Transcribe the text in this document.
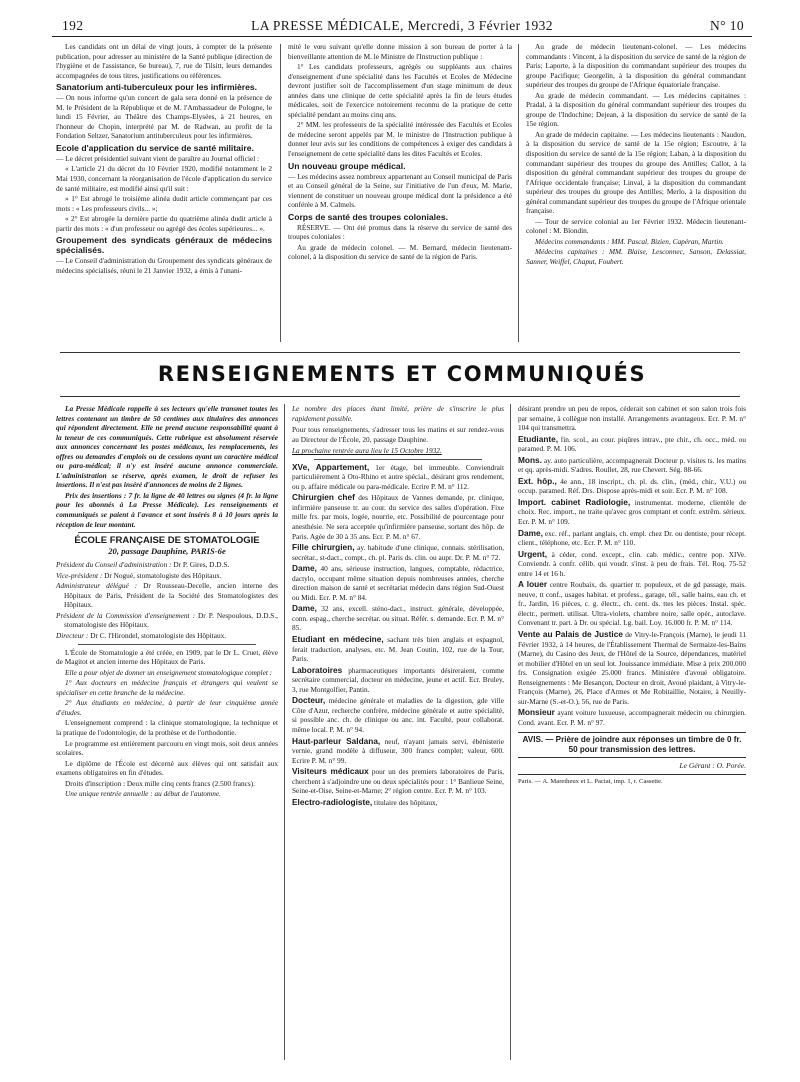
192	LA PRESSE MÉDICALE, Mercredi, 3 Février 1932	N° 10

Les candidats ont un délai de vingt jours, à compter de la présente publication, pour adresser au ministère de la Santé publique (direction de l'hygiène et de l'assistance, 6e bureau), 7, rue de Tilsitt, leurs demandes accompagnées de tous titres, justifications ou références.

Sanatorium anti-tuberculeux pour les infirmières.

— On nous informe qu'un concert de gala sera donné en la présence de M. le Président de la République et de M. l'Ambassadeur de Pologne, le lundi 15 Février, au Théâtre des Champs-Elysées, à 21 heures, en l'honneur de Chopin, interprété par M. de Radwan, au profit de la Fondation Seltzer, Sanatorium antituberculeux pour les infirmières.

Ecole d'application du service de santé militaire.

— Le décret présidentiel suivant vient de paraître au Journal officiel :

« L'article 21 du décret du 10 Février 1920, modifié notamment le 2 Mai 1930, concernant la réorganisation de l'école d'application du service de santé militaire, est modifié ainsi qu'il suit :

» 1° Est abrogé le troisième alinéa dudit article commençant par ces mots : « Les professeurs civils... »;

« 2° Est abrogée la dernière partie du quatrième alinéa dudit article à partir des mots : « d'un professeur ou agrégé des écoles supérieures... ».

Groupement des syndicats généraux de médecins spécialisés.

— Le Conseil d'administration du Groupement des syndicats généraux de médecins spécialisés, réuni le 21 Janvier 1932, a émis à l'unani-

mité le vœu suivant qu'elle donne mission à son bureau de porter à la bienveillante attention de M. le Ministre de l'Instruction publique :

1° Les candidats professeurs, agrégés ou suppléants aux chaires d'enseignement d'une spécialité dans les Facultés et Ecoles de Médecine devront justifier soit de l'accomplissement d'un stage minimum de deux années dans une clinique de cette spécialité après la fin de leurs études médicales, soit de l'exercice notoirement reconnu de la pratique de cette spécialité pendant au moins cinq ans.

2° MM. les professeurs de la spécialité intéressée des Facultés et Ecoles de médecine seront appelés par M. le ministre de l'Instruction publique à donner leur avis sur les conditions de compétences à exiger des candidats à l'enseignement de cette spécialité dans les dites Facultés et Ecoles.

Un nouveau groupe médical.

— Les médecins assez nombreux appartenant au Conseil municipal de Paris et au Conseil général de la Seine, sur l'initiative de l'un d'eux, M. Marie, viennent de constituer un nouveau groupe médical dont la présidence a été conférée à M. Calmels.

Corps de santé des troupes coloniales.

RÉSERVE. — Ont été promus dans la réserve du service de santé des troupes coloniales :

Au grade de médecin colonel. — M. Bernard, médecin lieutenant-colonel, à la disposition du service de santé de la région de Paris.

Au grade de médecin lieutenant-colonel. — Les médecins commandants : Vincent, à la disposition du service de santé de la région de Paris; Laporte, à la disposition du commandant supérieur des troupes du groupe Pacifique; Georgelin, à la disposition du général commandant supérieur des troupes du groupe de l'Afrique équatoriale française.

Au grade de médecin commandant. — Les médecins capitaines : Pradal, à la disposition du général commandant supérieur des troupes du groupe de l'Indochine; Dejean, à la disposition du service de santé de la 15e région.

Au grade de médecin capitaine. — Les médecins lieutenants : Naudon, à la disposition du service de santé de la 15e région; Escoutre, à la disposition du service de santé de la 15e région; Laban, à la disposition du commandant supérieur des troupes du groupe des Antilles; Callot, à la disposition du général commandant supérieur des troupes du groupe de l'Afrique occidentale française; Linval, à la disposition du commandant supérieur des troupes du groupe des Antilles; Merlo, à la disposition du général commandant supérieur des troupes du groupe de l'Afrique orientale française.

— Tour de service colonial au 1er Février 1932. Médecin lieutenant-colonel : M. Blondin.

Médecins commandants : MM. Pascal, Bizien, Capéran, Martin.

Médecins capitaines : MM. Blaise, Lesconnec, Sanson, Delassiat, Sanner, Weiffel, Chaput, Foubert.

RENSEIGNEMENTS ET COMMUNIQUÉS

La Presse Médicale rappelle à ses lecteurs qu'elle transmet toutes les lettres contenant un timbre de 50 centimes aux titulaires des annonces qui répondent directement. Elle ne prend aucune responsabilité quant à la teneur de ces communiqués. Cette rubrique est absolument réservée aux annonces concernant les postes médicaux, les remplacements, les offres ou demandes d'emplois ou de cessions ayant un caractère médical ou para-médical; il n'y est inséré aucune annonce commerciale. L'administration se réserve, après examen, le droit de refuser les insertions. Il n'est pas inséré d'annonces de moins de 2 lignes.

Prix des insertions : 7 fr. la ligne de 40 lettres ou signes (4 fr. la ligne pour les abonnés à La Presse Médicale). Les renseignements et communiqués se paient à l'avance et sont insérés 8 à 10 jours après la réception de leur montant.

ÉCOLE FRANÇAISE DE STOMATOLOGIE
20, passage Dauphine, PARIS-6e

Président du Conseil d'administration : Dr P. Gires, D.D.S.

Vice-président : Dr Nogué, stomatologiste des Hôpitaux.

Administrateur délégué : Dr Rousseau-Decelle, ancien interne des Hôpitaux de Paris, Président de la Société des Stomatologistes des Hôpitaux.

Président de la Commission d'enseignement : Dr P. Nespoulous, D.D.S., stomatologiste des Hôpitaux.

Directeur : Dr C. l'Hirondel, stomatologiste des Hôpitaux.

L'École de Stomatologie a été créée, en 1909, par le Dr L. Cruet, élève de Magitot et ancien interne des Hôpitaux de Paris.

Elle a pour objet de donner un enseignement stomatologique complet :

1° Aux docteurs en médecine français et étrangers qui veulent se spécialiser en cette branche de la médecine.

2° Aux étudiants en médecine, à partir de leur cinquième année d'études.

L'enseignement comprend : la clinique stomatologique, la technique et la pratique de l'odontologie, de la prothèse et de l'orthodontie.

Le programme est entièrement parcouru en vingt mois, soit deux années scolaires.

Le diplôme de l'École est décerné aux élèves qui ont satisfait aux examens obligatoires en fin d'études.

Droits d'inscription : Deux mille cinq cents francs (2.500 francs).

Une unique rentrée annuelle : au début de l'automne.

Le nombre des places étant limité, prière de s'inscrire le plus rapidement possible.

Pour tous renseignements, s'adresser tous les matins et sur rendez-vous au Directeur de l'École, 20, passage Dauphine.

La prochaine rentrée aura lieu le 15 Octobre 1932.

XVe, Appartement, 1er étage, bel immeuble. Conviendrait particulièrement à Oto-Rhino et autre spécial., désirant gros rendement, ou p. affaire médicale ou para-médicale. Ecrire P. M. n° 112.

Chirurgien chef des Hôpitaux de Vannes demande, pr. clinique, infirmière panseuse tr. au cour. du service des salles d'opération. Fixe mille frs. par mois, logée, nourrie, etc. Possibilité de pourcentage pour anesthésie. Ne sera acceptée qu'infirmière panseuse, sortant des hôp. de Paris. Agée de 30 à 35 ans. Ecr. P. M. n° 67.

Fille chirurgien, ay. habitude d'une clinique, connais. stérilisation, secrétar., st-dact., compt., ch. pl. Paris ds. clin. ou aupr. Dr. P. M. n° 72.

Dame, 40 ans, sérieuse instruction, langues, comptable, rédactrice, dactylo, occupant même situation depuis nombreuses années, cherche direction maison de santé et secrétariat médecin dans région Sud-Ouest ou Midi. Ecr. P. M. n° 84.

Dame, 32 ans, excell. sténo-dact., instruct. générale, développée, conn. espag., cherche secrétar. ou situat. Référ. s. demande. Ecr. P. M. n° 85.

Etudiant en médecine, sachant très bien anglais et espagnol, ferait traduction, analyses, etc. M. Jean Coutin, 102, rue de la Tour, Paris.

Laboratoires pharmaceutiques importants désireraient, comme secrétaire commercial, docteur en médecine, jeune et actif. Ecr. Bruley, 3, rue Montgolfier, Pantin.

Docteur, médecine générale et maladies de la digestion, gde ville Côte d'Azur, recherche confrère, médecine générale et autre spécialité, si possible anc. ch. de clinique ou anc. int. Faculté, pour collaborat. même local. P. M. n° 94.

Haut-parleur Saldana, neuf, n'ayant jamais servi, ébénisterie vernie, grand modèle à diffuseur, 300 francs complet; valeur, 600. Ecrire P. M. n° 99.

Visiteurs médicaux pour un des premiers laboratoires de Paris, cherchent à s'adjoindre une ou deux spécialités pour : 1° Banlieue Seine, Seine-et-Oise, Seine-et-Marne; 2° région centre. Ecr. P. M. n° 103.

Electro-radiologiste, titulaire des hôpitaux,

désirant prendre un peu de repos, céderait son cabinet et son salon trois fois par semaine, à collègue non installé. Arrangements avantageux. Ecr. P. M. n° 104 qui transmettra.

Etudiante, fin. scol., au cour. piqûres intrav., pte chir., ch. occ., méd. ou paramed. P. M. 106.

Mons. ay. auto particulière, accompagnerait Docteur p. visites ts. les matins et qq. après-midi. S'adres. Roullet, 28, rue Chevert. Ség. 88-66.

Ext. hôp., 4e ann., 18 inscript., ch. pl. ds. clin., (méd., chir., V.U.) ou occup. paramed. Réf. Drs. Dispose après-midi et soir. Ecr. P. M. n° 108.

Import. cabinet Radiologie, instrumentat. moderne, clientèle de choix. Rec. import., ne traite qu'avec gros comptant et confr. extrêm. sérieux. Ecr. P. M. n° 109.

Dame, exc. réf., parlant anglais, ch. empl. chez Dr. ou dentiste, pour récept. client., téléphone, etc. Ecr. P. M. n° 110.

Urgent, à céder, cond. except., clin. cab. médic., centre pop. XIVe. Conviendr. à confr. célib. qui voudr. s'inst. à peu de frais. Tél. Roq. 75-52 entre 14 et 16 h.

A louer centre Roubaix, ds. quartier tr. populeux, et de gd passage, mais. neuve, tt conf., usages habitat. et profess., garage, tél., salle bains, eau ch. et fr., Jardin, 16 pièces, c. g. électr., ch. cent. ds. ttes les pièces. Instal. spéc. électr., permett. utilisat. Ultra-violets, chambre noire, salle opér., autoclave. Convenant tr. part. à Dr. ou spécial. Lg. bail. Loy. 16.000 fr. P. M. n° 114.

Vente au Palais de Justice de Vitry-le-François (Marne), le jeudi 11 Février 1932, à 14 heures, de l'Établissement Thermal de Sermaize-les-Bains (Marne), du Casino des Jeux, de l'Hôtel de la Source, dépendances, matériel et mobilier d'Hôtel en un seul lot. Jouissance immédiate. Mise à prix 200.000 frs. Consignation exigée 25.000 francs. Ministère d'avoué obligatoire. Renseignements : Me Besançon, Docteur en droit, Avoué plaidant, à Vitry-le-François (Marne), 26, Place d'Armes et Me Robitaillie, Notaire, à Neuilly-sur-Marne (S.-et-O.), 56, rue de Paris.

Monsieur ayant voiture luxueuse, accompagnerait médecin ou chirurgien. Cond. avant. Ecr. P. M. n° 97.

AVIS. — Prière de joindre aux réponses un timbre de 0 fr. 50 pour transmission des lettres.
Le Gérant : O. Porée.
Paris. — A. Maretheux et L. Pactat, imp. 1, r. Cassette.
